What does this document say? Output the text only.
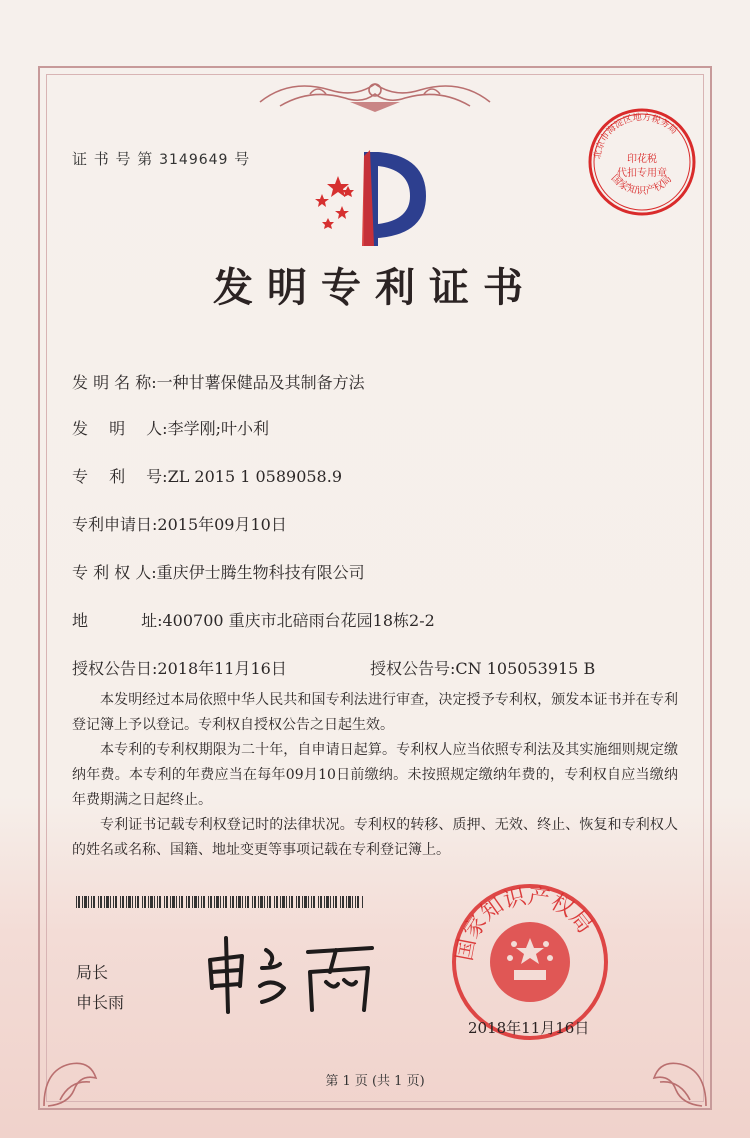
证 书 号 第 3149649 号
发明专利证书
发 明 名 称:一种甘薯保健品及其制备方法
发　 明　 人:李学刚;叶小利
专　 利　 号:ZL 2015 1 0589058.9
专利申请日:2015年09月10日
专 利 权 人:重庆伊士腾生物科技有限公司
地　　　 址:400700 重庆市北碚雨台花园18栋2-2
授权公告日:2018年11月16日	授权公告号:CN 105053915 B

本发明经过本局依照中华人民共和国专利法进行审查，决定授予专利权，颁发本证书并在专利登记簿上予以登记。专利权自授权公告之日起生效。

本专利的专利权期限为二十年，自申请日起算。专利权人应当依照专利法及其实施细则规定缴纳年费。本专利的年费应当在每年09月10日前缴纳。未按照规定缴纳年费的，专利权自应当缴纳年费期满之日起终止。

专利证书记载专利权登记时的法律状况。专利权的转移、质押、无效、终止、恢复和专利权人的姓名或名称、国籍、地址变更等事项记载在专利登记簿上。

局长
申长雨
国家知识产权局
2018年11月16日
北京市海淀区地方税务局
印花税
代扣专用章
国家知识产权局
第 1 页 (共 1 页)
